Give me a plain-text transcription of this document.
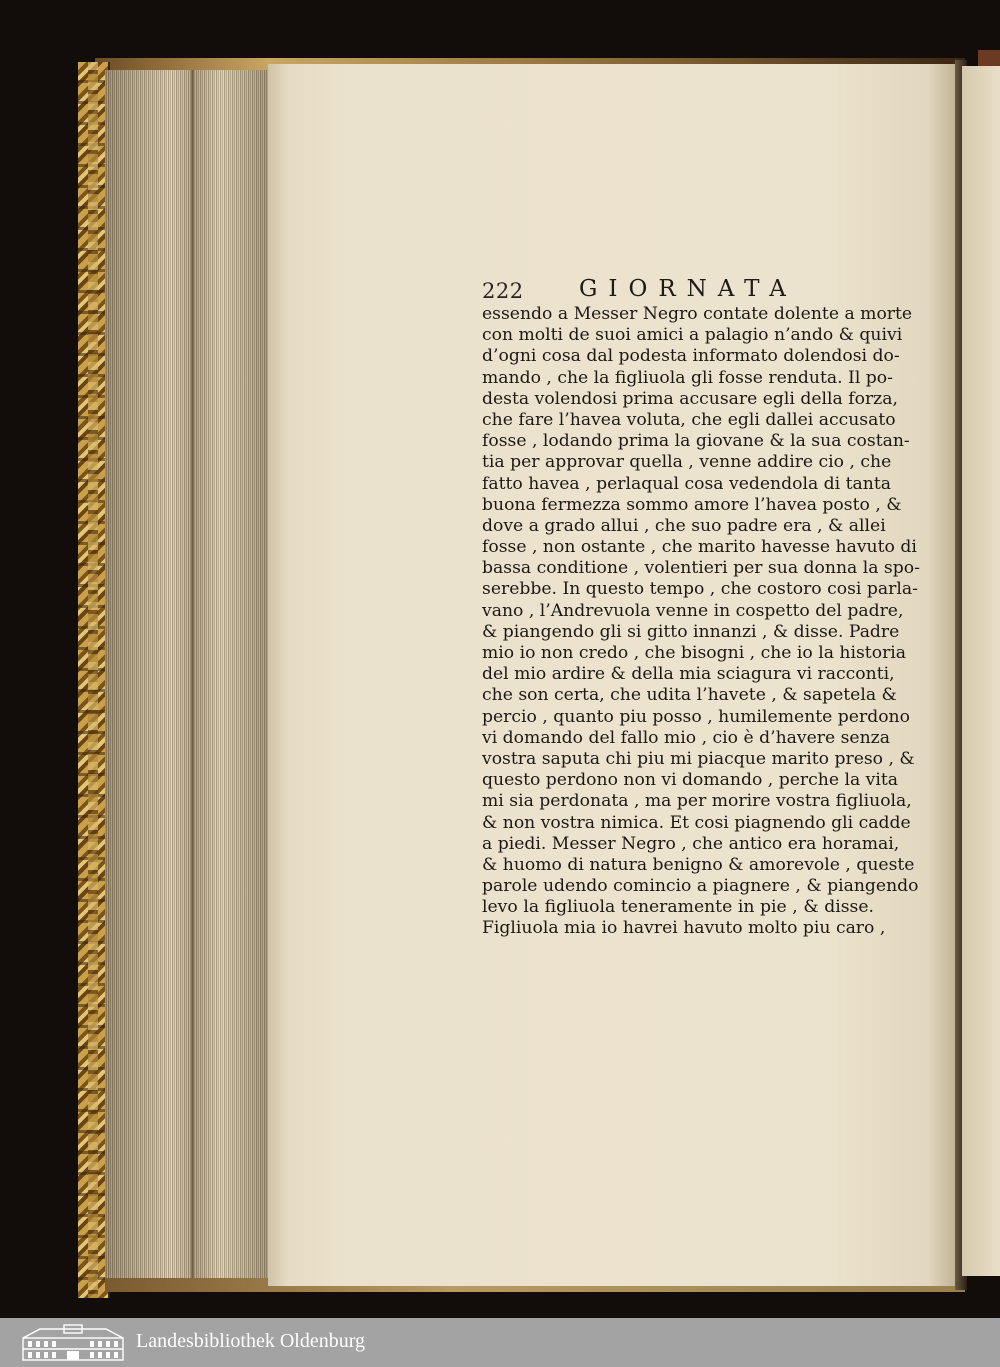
222 GIORNATA
essendo a Messer Negro contate dolente a morte
con molti de suoi amici a palagio n’ando & quivi
d’ogni cosa dal podesta informato dolendosi do-
mando , che la figliuola gli fosse renduta. Il po-
desta volendosi prima accusare egli della forza,
che fare l’havea voluta, che egli dallei accusato
fosse , lodando prima la giovane & la sua costan-
tia per approvar quella , venne addire cio , che
fatto havea , perlaqual cosa vedendola di tanta
buona fermezza sommo amore l’havea posto , &
dove a grado allui , che suo padre era , & allei
fosse , non ostante , che marito havesse havuto di
bassa conditione , volentieri per sua donna la spo-
serebbe. In questo tempo , che costoro cosi parla-
vano , l’Andrevuola venne in cospetto del padre,
& piangendo gli si gitto innanzi , & disse. Padre
mio io non credo , che bisogni , che io la historia
del mio ardire & della mia sciagura vi racconti,
che son certa, che udita l’havete , & sapetela &
percio , quanto piu posso , humilemente perdono
vi domando del fallo mio , cio è d’havere senza
vostra saputa chi piu mi piacque marito preso , &
questo perdono non vi domando , perche la vita
mi sia perdonata , ma per morire vostra figliuola,
& non vostra nimica. Et cosi piagnendo gli cadde
a piedi. Messer Negro , che antico era horamai,
& huomo di natura benigno & amorevole , queste
parole udendo comincio a piagnere , & piangendo
levo la figliuola teneramente in pie , & disse.
Figliuola mia io havrei havuto molto piu caro ,
Landesbibliothek Oldenburg
